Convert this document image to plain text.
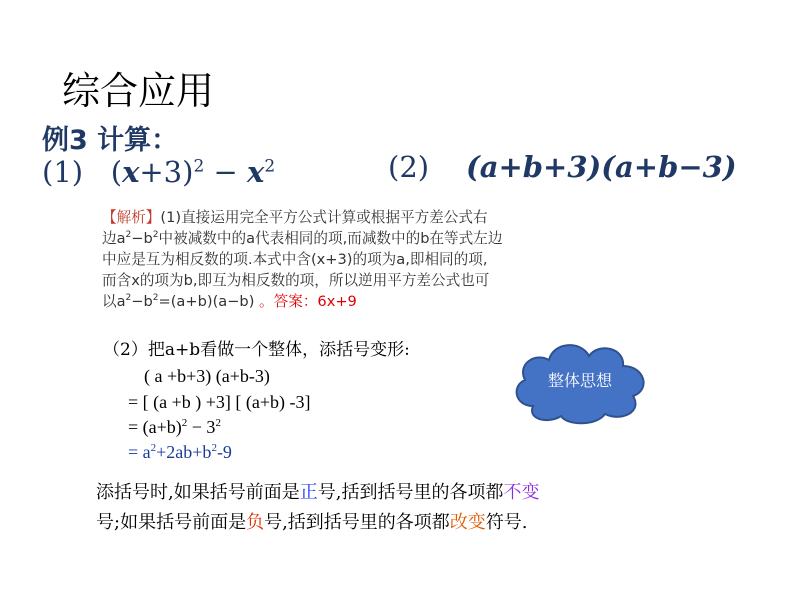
综合应用
例3 计算：
(1) $(x+3)^2 - x^2$	(2) (a+b+3)(a+b−3)
【解析】(1)直接运用完全平方公式计算或根据平方差公式右
边$a^2-b^2$中被减数中的a代表相同的项,而减数中的b在等式左边
中应是互为相反数的项.本式中含(x+3)的项为a,即相同的项,
而含x的项为b,即互为相反数的项，所以逆用平方差公式也可
以$a^2-b^2=(a+b)(a-b)$ 。答案：6x+9
（2）把a+b看做一个整体，添括号变形:
( a +b+3) (a+b-3)
= [ (a +b ) +3] [ (a+b) -3]
= $(a+b)^2 - 3^2$
= $a^2+2ab+b^2-9$
整体思想
添括号时,如果括号前面是正号,括到括号里的各项都不变
号;如果括号前面是负号,括到括号里的各项都改变符号.
